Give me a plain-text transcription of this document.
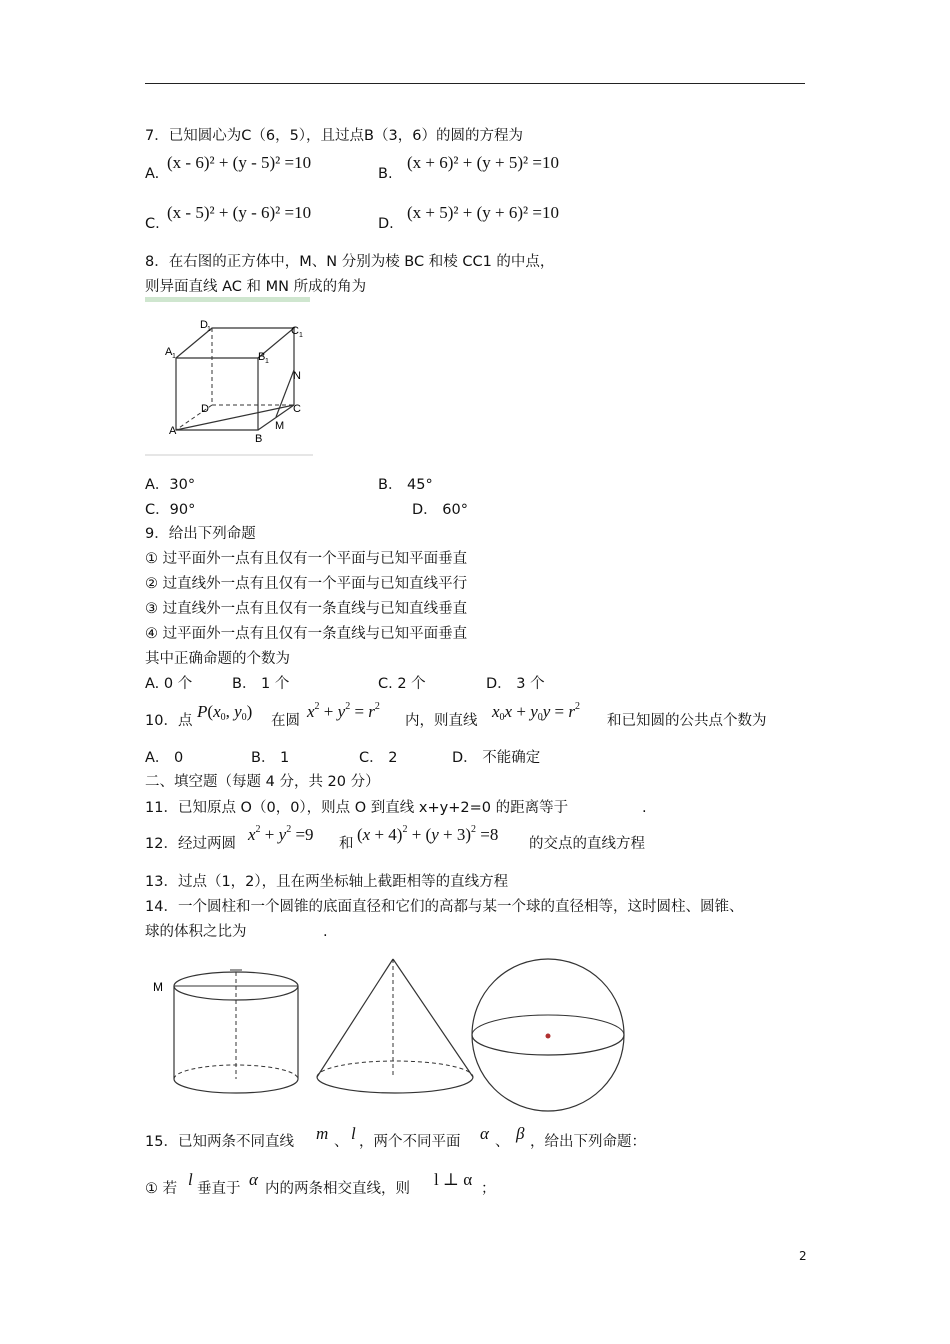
7．已知圆心为C（6，5），且过点B（3，6）的圆的方程为
A.
(x - 6)² + (y - 5)² =10
B.
(x + 6)² + (y + 5)² =10
C.
(x - 5)² + (y - 6)² =10
D.
(x + 5)² + (y + 6)² =10
8．在右图的正方体中，M、N 分别为棱 BC 和棱 CC1 的中点，
则异面直线 AC 和 MN 所成的角为
D 1	C 1
A 1	B 1
N
D	C
A
B
M
A．30°	B． 45°
C．90°	D． 60°
9．给出下列命题
① 过平面外一点有且仅有一个平面与已知平面垂直
② 过直线外一点有且仅有一个平面与已知直线平行
③ 过直线外一点有且仅有一条直线与已知直线垂直
④ 过平面外一点有且仅有一条直线与已知平面垂直
其中正确命题的个数为
A. 0 个	B． 1 个	C. 2 个	D． 3 个
10．点 $P(x_0$, $y_0$) 在圆 $x^2 + y^2 = r^2$
内，则直线 $x_0x + y_0y = r^2$
和已知圆的公共点个数为
A． 0	B． 1	C． 2	D． 不能确定
二、填空题（每题 4 分，共 20 分）
11．已知原点 O（0，0），则点 O 到直线 x+y+2=0 的距离等于	.
12．经过两圆 $x^2 + y^2 =9$ 和 $(x + 4)^2 + (y + 3)^2 =8$ 的交点的直线方程
13．过点（1，2），且在两坐标轴上截距相等的直线方程
14．一个圆柱和一个圆锥的底面直径和它们的高都与某一个球的直径相等，这时圆柱、圆锥、
球的体积之比为	.
M
15．已知两条不同直线 m 、 l ，两个不同平面 α 、 β ，给出下列命题：
① 若 l 垂直于 α 内的两条相交直线，则 l ⊥ α ；
2
